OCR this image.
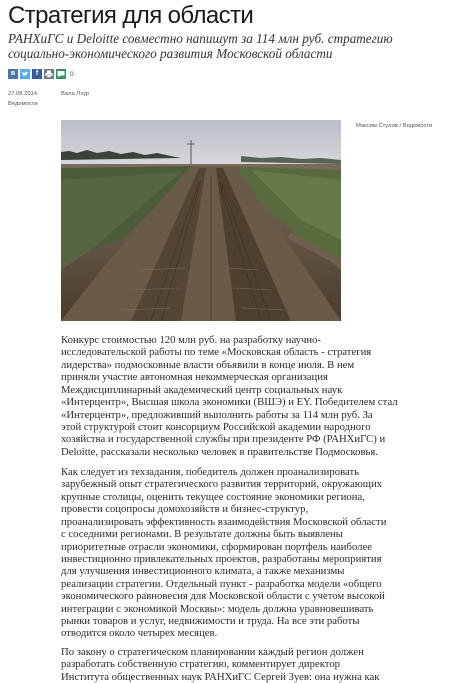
Стратегия для области
РАНХиГС и Deloitte совместно напишут за 114 млн руб. стратегию
социально-экономического развития Московской области
в	f	0
27.08.2014
Ведомости
Вала Лэур
Максим Стулов / Ведомости
Конкурс стоимостью 120 млн руб. на разработку научно-
исследовательской работы по теме «Московская область - стратегия
лидерства» подмосковные власти объявили в конце июля. В нем
приняли участие автономная некоммерческая организация
Междисциплинарный академический центр социальных наук
«Интерцентр», Высшая школа экономики (ВШЭ) и EY. Победителем стал
«Интерцентр», предложивший выполнить работы за 114 млн руб. За
этой структурой стоит консорциум Российской академии народного
хозяйства и государственной службы при президенте РФ (РАНХиГС) и
Deloitte, рассказали несколько человек в правительстве Подмосковья.
Как следует из техзадания, победитель должен проанализировать
зарубежный опыт стратегического развития территорий, окружающих
крупные столицы, оценить текущее состояние экономики региона,
провести соцопросы домохозяйств и бизнес-структур,
проанализировать эффективность взаимодействия Московской области
с соседними регионами. В результате должны быть выявлены
приоритетные отрасли экономики, сформирован портфель наиболее
инвестиционно привлекательных проектов, разработаны мероприятия
для улучшения инвестиционного климата, а также механизмы
реализации стратегии. Отдельный пункт - разработка модели «общего
экономического равновесия для Московской области с учетом высокой
интеграции с экономикой Москвы»: модель должна уравновешивать
рынки товаров и услуг, недвижимости и труда. На все эти работы
отводится около четырех месяцев.
По закону о стратегическом планировании каждый регион должен
разработать собственную стратегию, комментирует директор
Института общественных наук РАНХиГС Сергей Зуев: она нужна как
